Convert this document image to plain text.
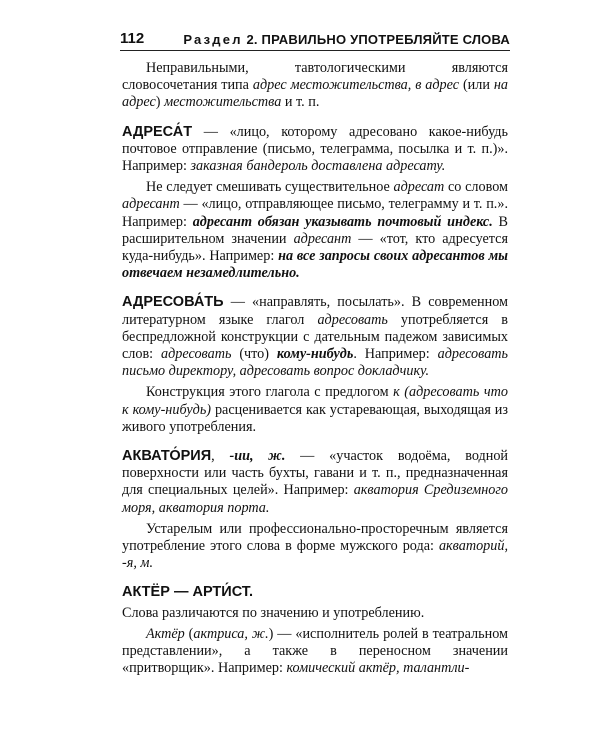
112	Раздел 2. ПРАВИЛЬНО УПОТРЕБЛЯЙТЕ СЛОВА

Неправильными, тавтологическими являются словосочетания типа адрес местожительства, в адрес (или на адрес) местожительства и т. п.

АДРЕСА́Т — «лицо, которому адресовано какое-нибудь почтовое отправление (письмо, телеграмма, посылка и т. п.)». Например: заказная бандероль доставлена адресату.

Не следует смешивать существительное адресат со словом адресант — «лицо, отправляющее письмо, телеграмму и т. п.». Например: адресант обязан указывать почтовый индекс. В расширительном значении адресант — «тот, кто адресуется куда-нибудь». Например: на все запросы своих адресантов мы отвечаем незамедлительно.

АДРЕСОВА́ТЬ — «направлять, посылать». В современном литературном языке глагол адресовать употребляется в беспредложной конструкции с дательным падежом зависимых слов: адресовать (что) кому-нибудь. Например: адресовать письмо директору, адресовать вопрос докладчику.

Конструкция этого глагола с предлогом к (адресовать что к кому-нибудь) расценивается как устаревающая, выходящая из живого употребления.

АКВАТО́РИЯ, -ии, ж. — «участок водоёма, водной поверхности или часть бухты, гавани и т. п., предназначенная для специальных целей». Например: акватория Средиземного моря, акватория порта.

Устарелым или профессионально-просторечным является употребление этого слова в форме мужского рода: акваторий, -я, м.

АКТЁР — АРТИ́СТ.

Слова различаются по значению и употреблению.

Актёр (актриса, ж.) — «исполнитель ролей в театральном представлении», а также в переносном значении «притворщик». Например: комический актёр, талантли-
